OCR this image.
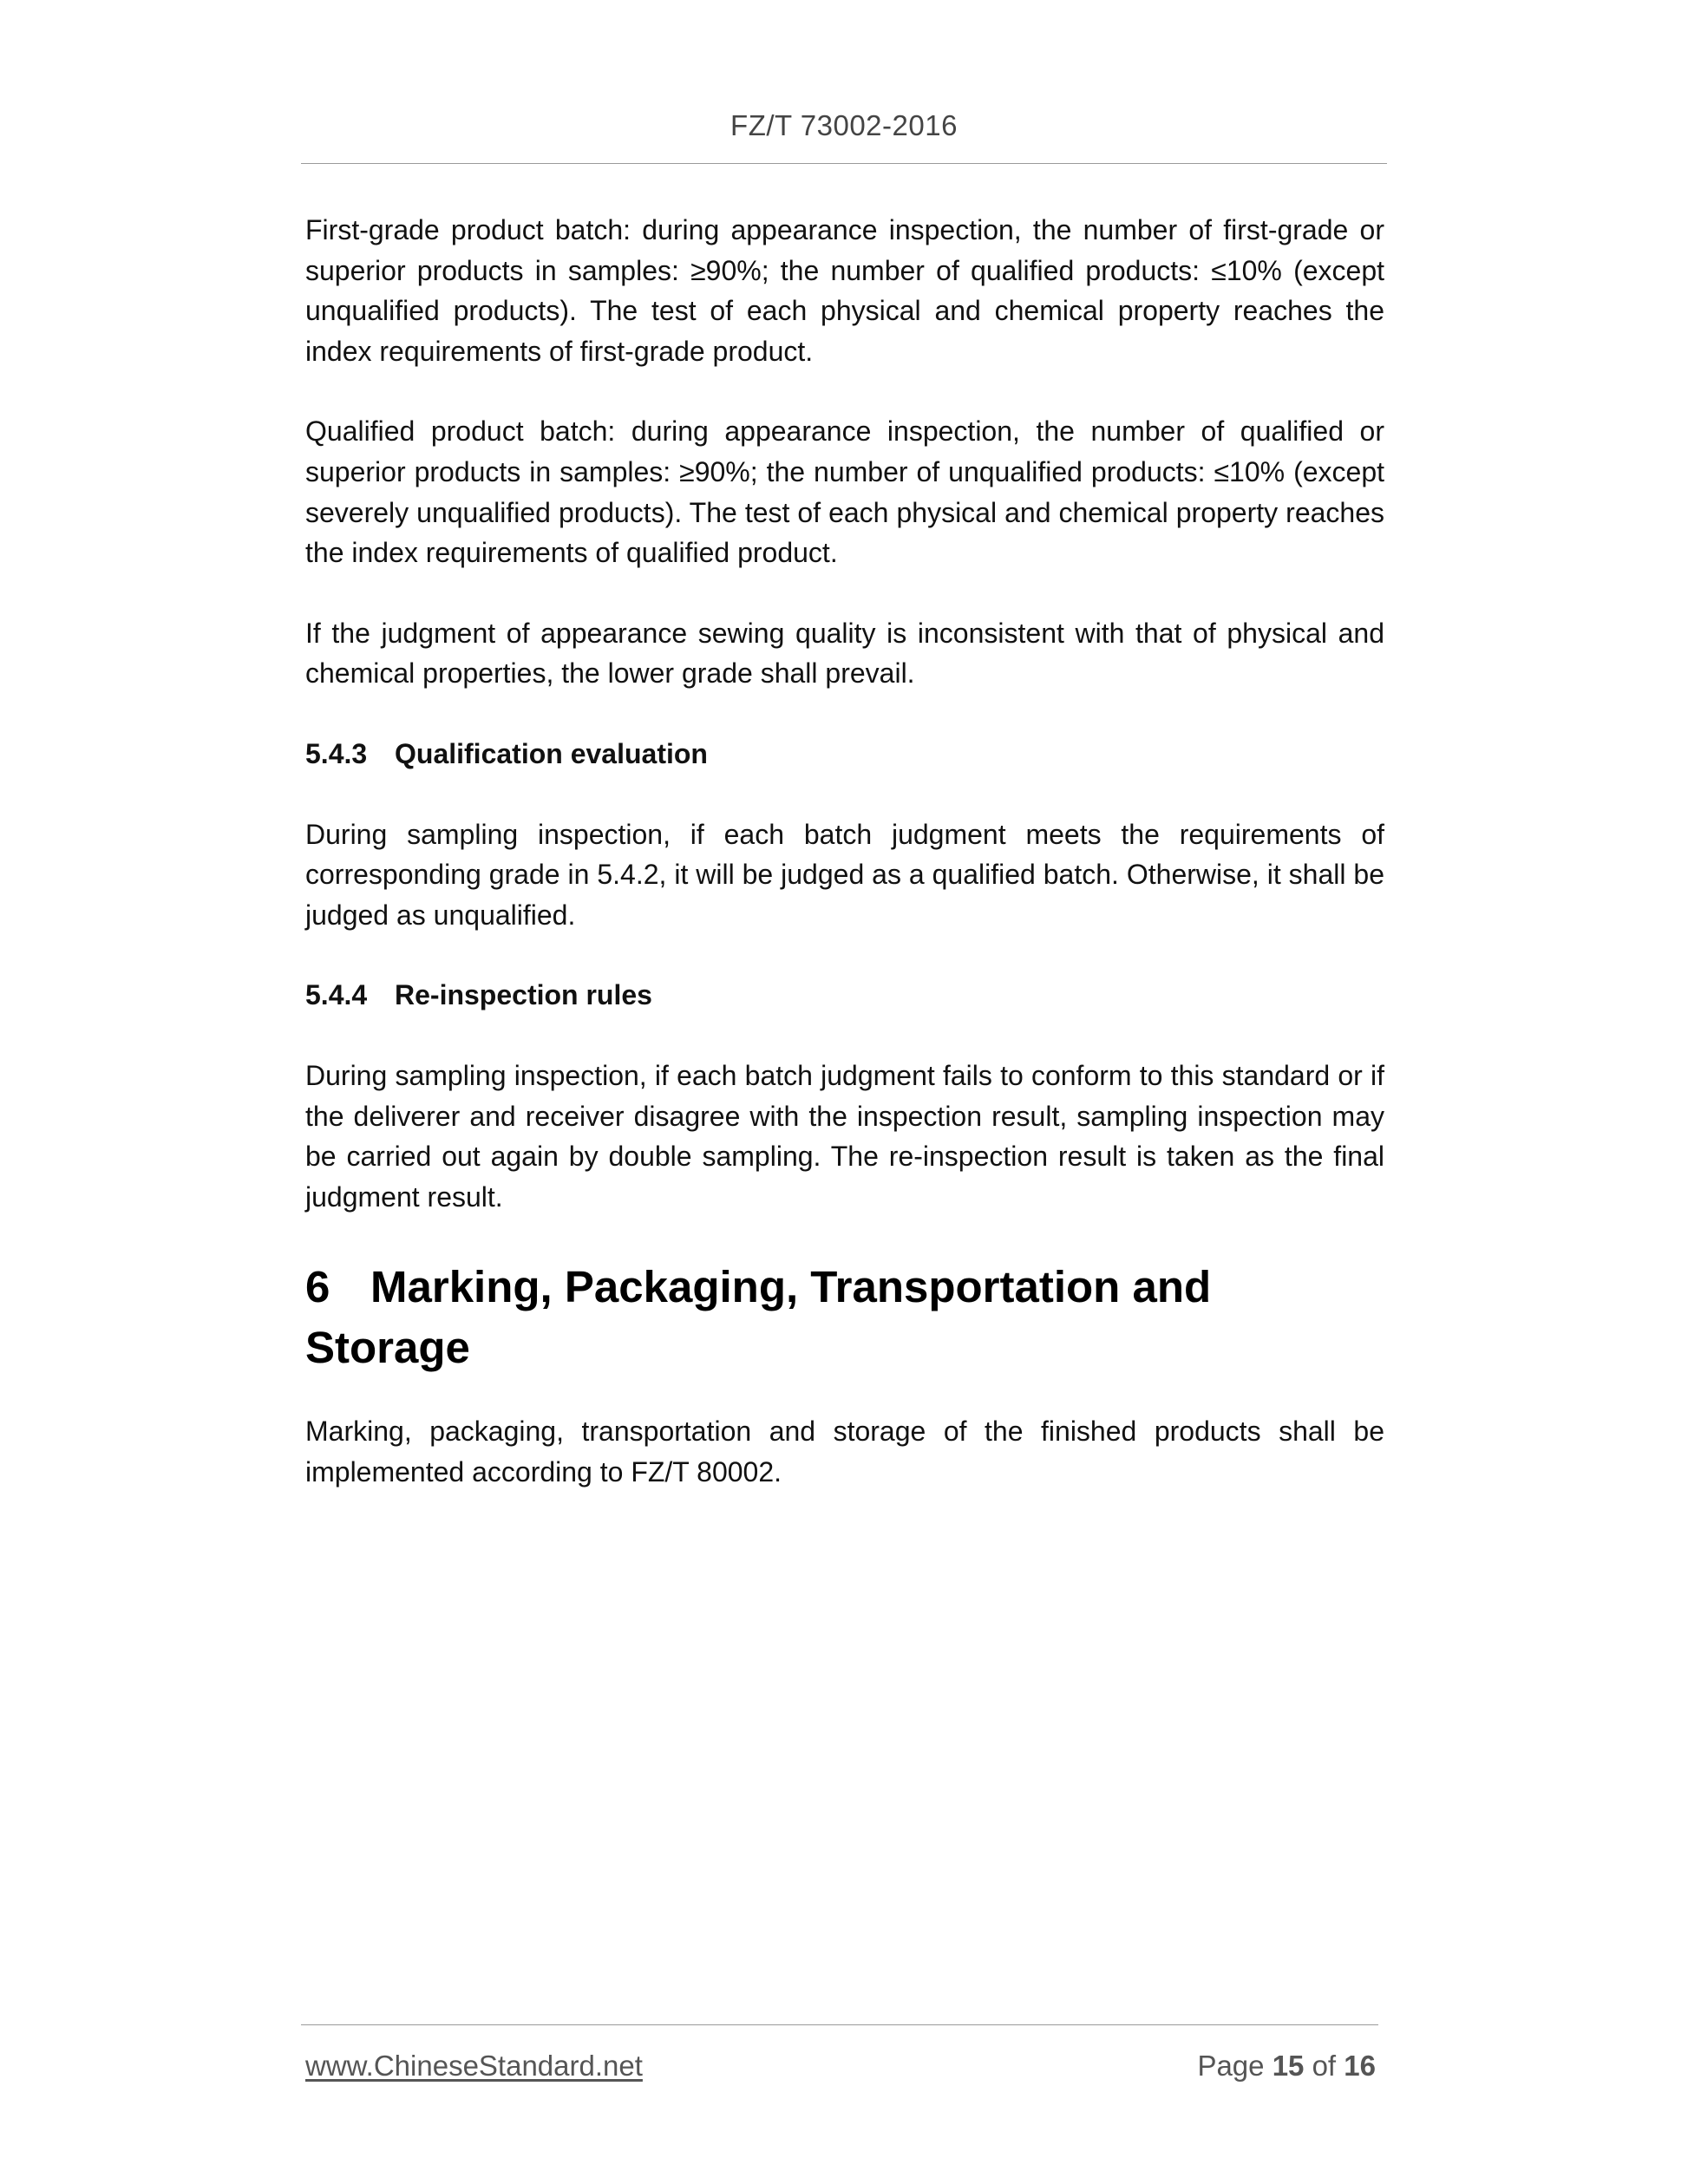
FZ/T 73002-2016

First-grade product batch: during appearance inspection, the number of first-grade or superior products in samples: ≥90%; the number of qualified products: ≤10% (except unqualified products). The test of each physical and chemical property reaches the index requirements of first-grade product.

Qualified product batch: during appearance inspection, the number of qualified or superior products in samples: ≥90%; the number of unqualified products: ≤10% (except severely unqualified products). The test of each physical and chemical property reaches the index requirements of qualified product.

If the judgment of appearance sewing quality is inconsistent with that of physical and chemical properties, the lower grade shall prevail.

5.4.3 Qualification evaluation

During sampling inspection, if each batch judgment meets the requirements of corresponding grade in 5.4.2, it will be judged as a qualified batch. Otherwise, it shall be judged as unqualified.

5.4.4 Re-inspection rules

During sampling inspection, if each batch judgment fails to conform to this standard or if the deliverer and receiver disagree with the inspection result, sampling inspection may be carried out again by double sampling. The re-inspection result is taken as the final judgment result.

6 Marking, Packaging, Transportation and Storage

Marking, packaging, transportation and storage of the finished products shall be implemented according to FZ/T 80002.

www.ChineseStandard.net	Page 15 of 16
